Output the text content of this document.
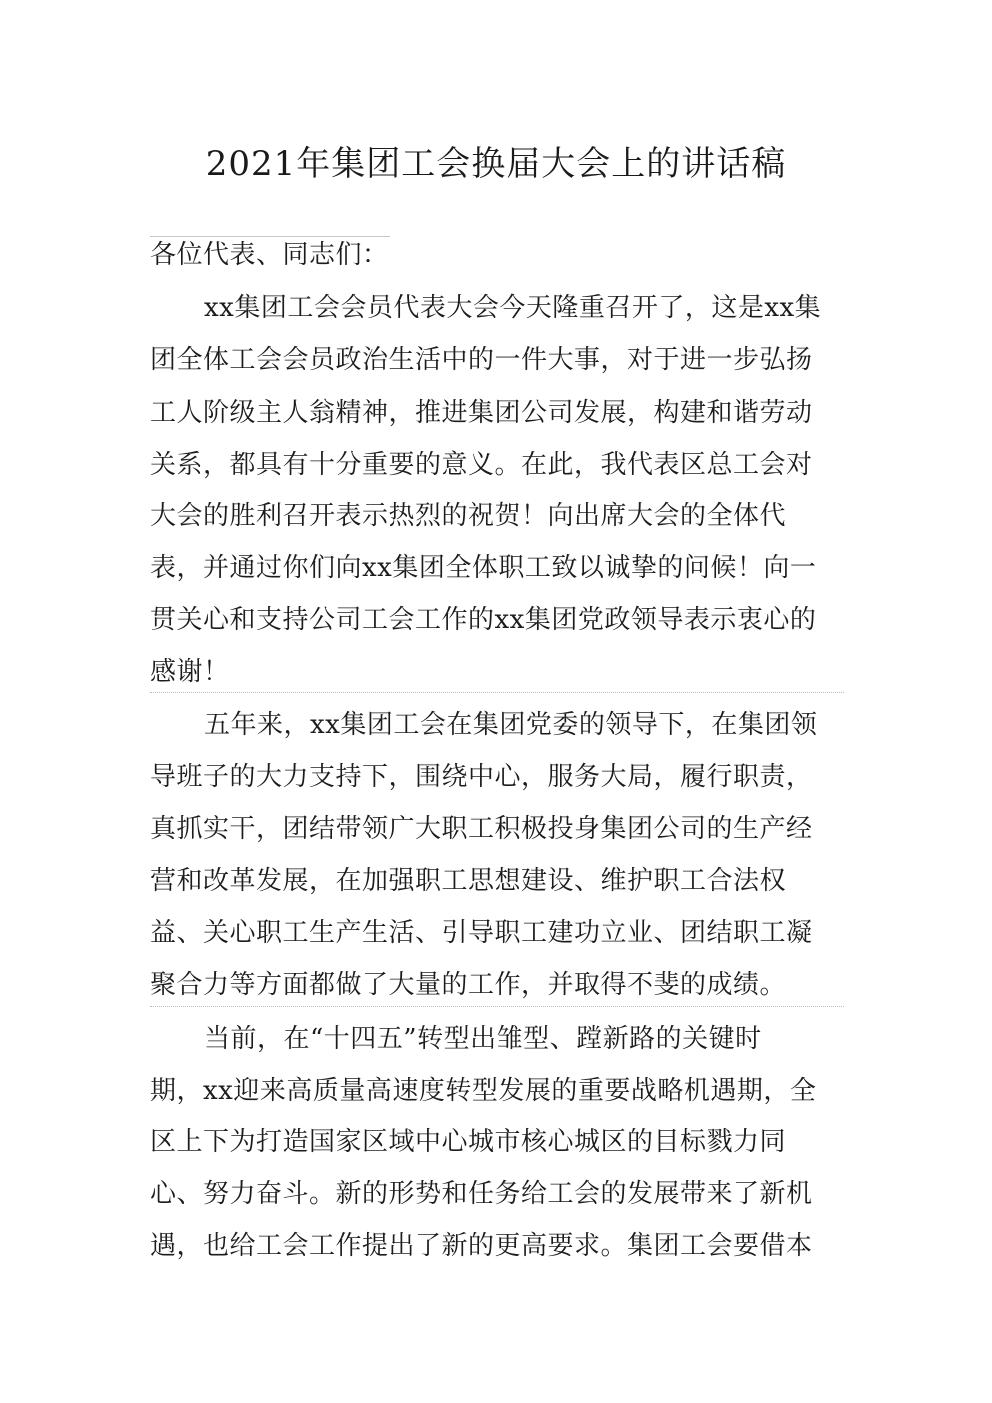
2021年集团工会换届大会上的讲话稿
各位代表、同志们：
xx集团工会会员代表大会今天隆重召开了，这是xx集
团全体工会会员政治生活中的一件大事，对于进一步弘扬
工人阶级主人翁精神，推进集团公司发展，构建和谐劳动
关系，都具有十分重要的意义。在此，我代表区总工会对
大会的胜利召开表示热烈的祝贺！向出席大会的全体代
表，并通过你们向xx集团全体职工致以诚挚的问候！向一
贯关心和支持公司工会工作的xx集团党政领导表示衷心的
感谢！
五年来，xx集团工会在集团党委的领导下，在集团领
导班子的大力支持下，围绕中心，服务大局，履行职责，
真抓实干，团结带领广大职工积极投身集团公司的生产经
营和改革发展，在加强职工思想建设、维护职工合法权
益、关心职工生产生活、引导职工建功立业、团结职工凝
聚合力等方面都做了大量的工作，并取得不斐的成绩。
当前，在“十四五”转型出雏型、蹚新路的关键时
期，xx迎来高质量高速度转型发展的重要战略机遇期，全
区上下为打造国家区域中心城市核心城区的目标戮力同
心、努力奋斗。新的形势和任务给工会的发展带来了新机
遇，也给工会工作提出了新的更高要求。集团工会要借本
